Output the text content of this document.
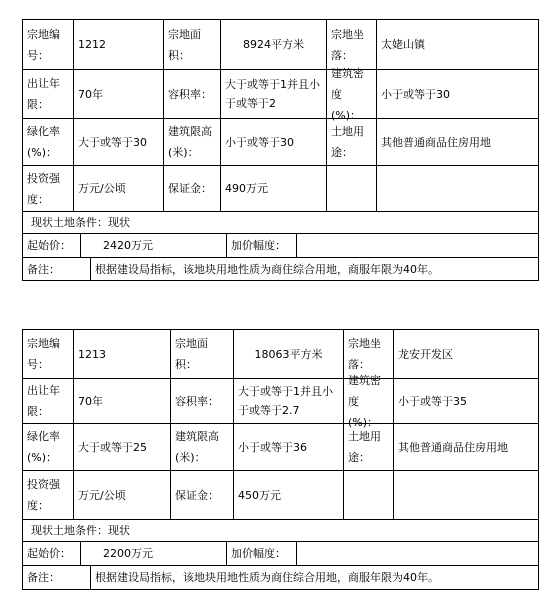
宗地编号：
1212
宗地面积：
8924平方米
宗地坐落：
太姥山镇
出让年限：
70年	容积率：
大于或等于1并且小于或等于2
建筑密度(%)：
小于或等于30
绿化率(%)：
大于或等于30
建筑限高(米)：
小于或等于30
土地用途：
其他普通商品住房用地
投资强度：
万元/公顷	保证金：	490万元
现状土地条件：现状
起始价：	2420万元	加价幅度：
备注：	根据建设局指标，该地块用地性质为商住综合用地，商服年限为40年。
宗地编号：
1213
宗地面积：
18063平方米
宗地坐落：
龙安开发区
出让年限：
70年	容积率：
大于或等于1并且小于或等于2.7
建筑密度(%)：
小于或等于35
绿化率(%)：
大于或等于25
建筑限高(米)：
小于或等于36
土地用途：
其他普通商品住房用地
投资强度：
万元/公顷	保证金：	450万元
现状土地条件：现状
起始价：	2200万元	加价幅度：
备注：	根据建设局指标，该地块用地性质为商住综合用地，商服年限为40年。
